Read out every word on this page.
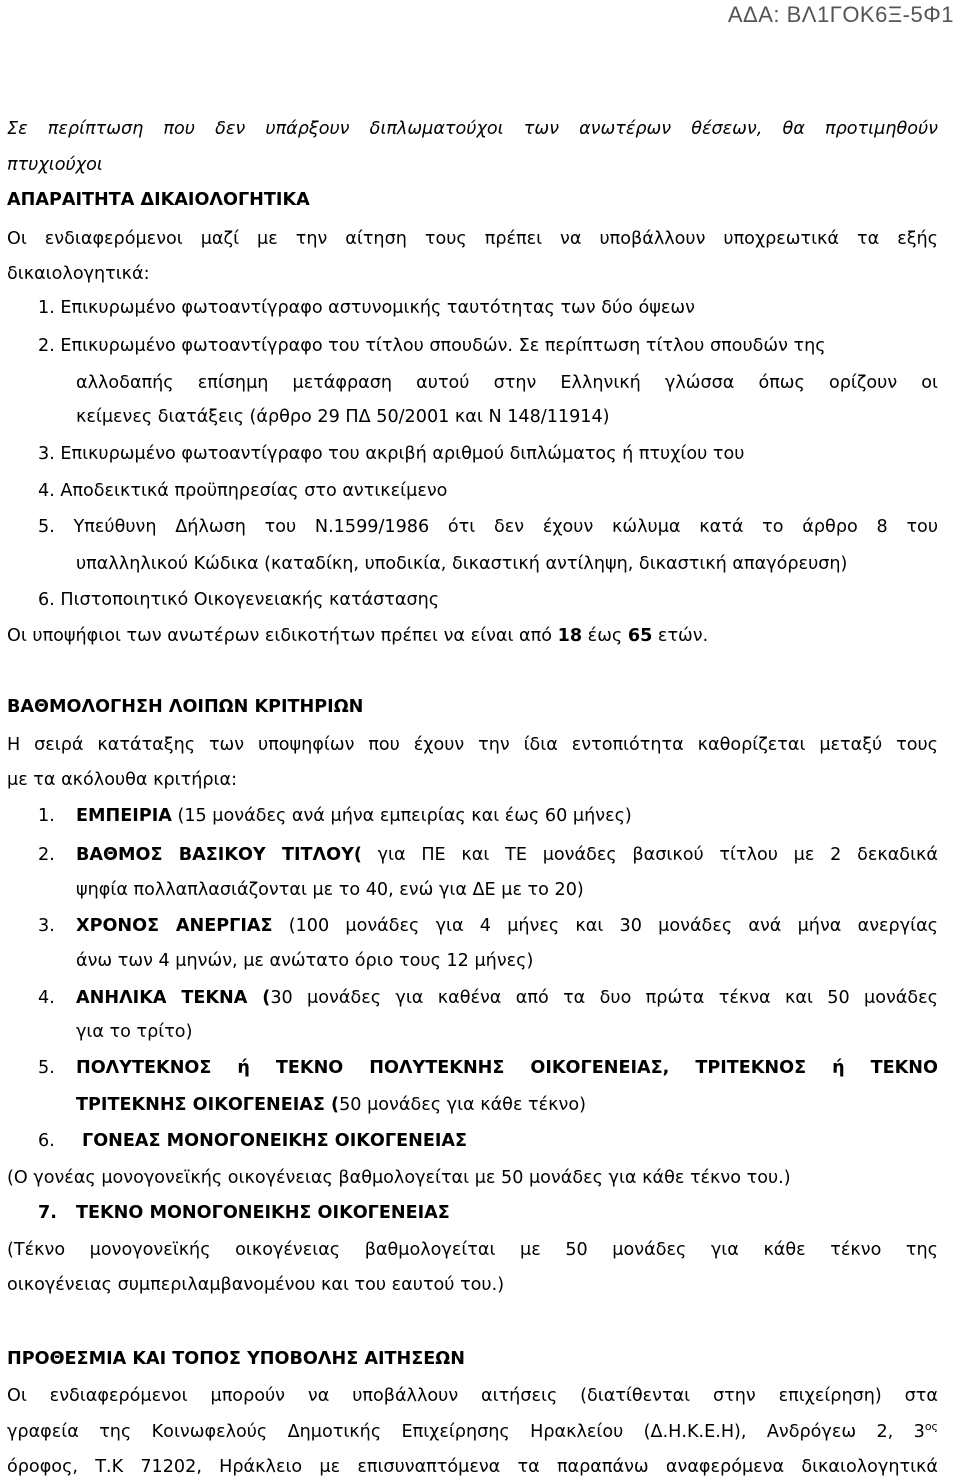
ΑΔΑ: ΒΛ1ΓΟΚ6Ξ-5Φ1
Σε περίπτωση που δεν υπάρξουν διπλωματούχοι των ανωτέρων θέσεων, θα προτιμηθούν
πτυχιούχοι
ΑΠΑΡΑΙΤΗΤΑ ΔΙΚΑΙΟΛΟΓΗΤΙΚΑ
Οι ενδιαφερόμενοι μαζί με την αίτηση τους πρέπει να υποβάλλουν υποχρεωτικά τα εξής
δικαιολογητικά:
1. Επικυρωμένο φωτοαντίγραφο αστυνομικής ταυτότητας των δύο όψεων
2. Επικυρωμένο φωτοαντίγραφο του τίτλου σπουδών. Σε περίπτωση τίτλου σπουδών της
αλλοδαπής επίσημη μετάφραση αυτού στην Ελληνική γλώσσα όπως ορίζουν οι
κείμενες διατάξεις (άρθρο 29 ΠΔ 50/2001 και Ν 148/11914)
3. Επικυρωμένο φωτοαντίγραφο του ακριβή αριθμού διπλώματος ή πτυχίου του
4. Αποδεικτικά προϋπηρεσίας στο αντικείμενο
5. Υπεύθυνη Δήλωση του Ν.1599/1986 ότι δεν έχουν κώλυμα κατά το άρθρο 8 του
υπαλληλικού Κώδικα (καταδίκη, υποδικία, δικαστική αντίληψη, δικαστική απαγόρευση)
6. Πιστοποιητικό Οικογενειακής κατάστασης
Οι υποψήφιοι των ανωτέρων ειδικοτήτων πρέπει να είναι από 18 έως 65 ετών.
ΒΑΘΜΟΛΟΓΗΣΗ ΛΟΙΠΩΝ ΚΡΙΤΗΡΙΩΝ
Η σειρά κατάταξης των υποψηφίων που έχουν την ίδια εντοπιότητα καθορίζεται μεταξύ τους
με τα ακόλουθα κριτήρια:
1. ΕΜΠΕΙΡΙΑ (15 μονάδες ανά μήνα εμπειρίας και έως 60 μήνες)
2. ΒΑΘΜΟΣ ΒΑΣΙΚΟΥ ΤΙΤΛΟΥ( για ΠΕ και ΤΕ μονάδες βασικού τίτλου με 2 δεκαδικά
ψηφία πολλαπλασιάζονται με το 40, ενώ για ΔΕ με το 20)
3. ΧΡΟΝΟΣ ΑΝΕΡΓΙΑΣ (100 μονάδες για 4 μήνες και 30 μονάδες ανά μήνα ανεργίας
άνω των 4 μηνών, με ανώτατο όριο τους 12 μήνες)
4. ΑΝΗΛΙΚΑ ΤΕΚΝΑ (30 μονάδες για καθένα από τα δυο πρώτα τέκνα και 50 μονάδες
για το τρίτο)
5. ΠΟΛΥΤΕΚΝΟΣ ή ΤΕΚΝΟ ΠΟΛΥΤΕΚΝΗΣ ΟΙΚΟΓΕΝΕΙΑΣ, ΤΡΙΤΕΚΝΟΣ ή ΤΕΚΝΟ
ΤΡΙΤΕΚΝΗΣ ΟΙΚΟΓΕΝΕΙΑΣ (50 μονάδες για κάθε τέκνο)
6. ΓΟΝΕΑΣ ΜΟΝΟΓΟΝΕΙΚΗΣ ΟΙΚΟΓΕΝΕΙΑΣ
(Ο γονέας μονογονεϊκής οικογένειας βαθμολογείται με 50 μονάδες για κάθε τέκνο του.)
7. ΤΕΚΝΟ ΜΟΝΟΓΟΝΕΙΚΗΣ ΟΙΚΟΓΕΝΕΙΑΣ
(Τέκνο μονογονεϊκής οικογένειας βαθμολογείται με 50 μονάδες για κάθε τέκνο της
οικογένειας συμπεριλαμβανομένου και του εαυτού του.)
ΠΡΟΘΕΣΜΙΑ ΚΑΙ ΤΟΠΟΣ ΥΠΟΒΟΛΗΣ ΑΙΤΗΣΕΩΝ
Οι ενδιαφερόμενοι μπορούν να υποβάλλουν αιτήσεις (διατίθενται στην επιχείρηση) στα
γραφεία της Κοινωφελούς Δημοτικής Επιχείρησης Ηρακλείου (Δ.Η.Κ.Ε.Η), Ανδρόγεω 2, $3^{o\varsigma}$
όροφος, Τ.Κ 71202, Ηράκλειο με επισυναπτόμενα τα παραπάνω αναφερόμενα δικαιολογητικά
